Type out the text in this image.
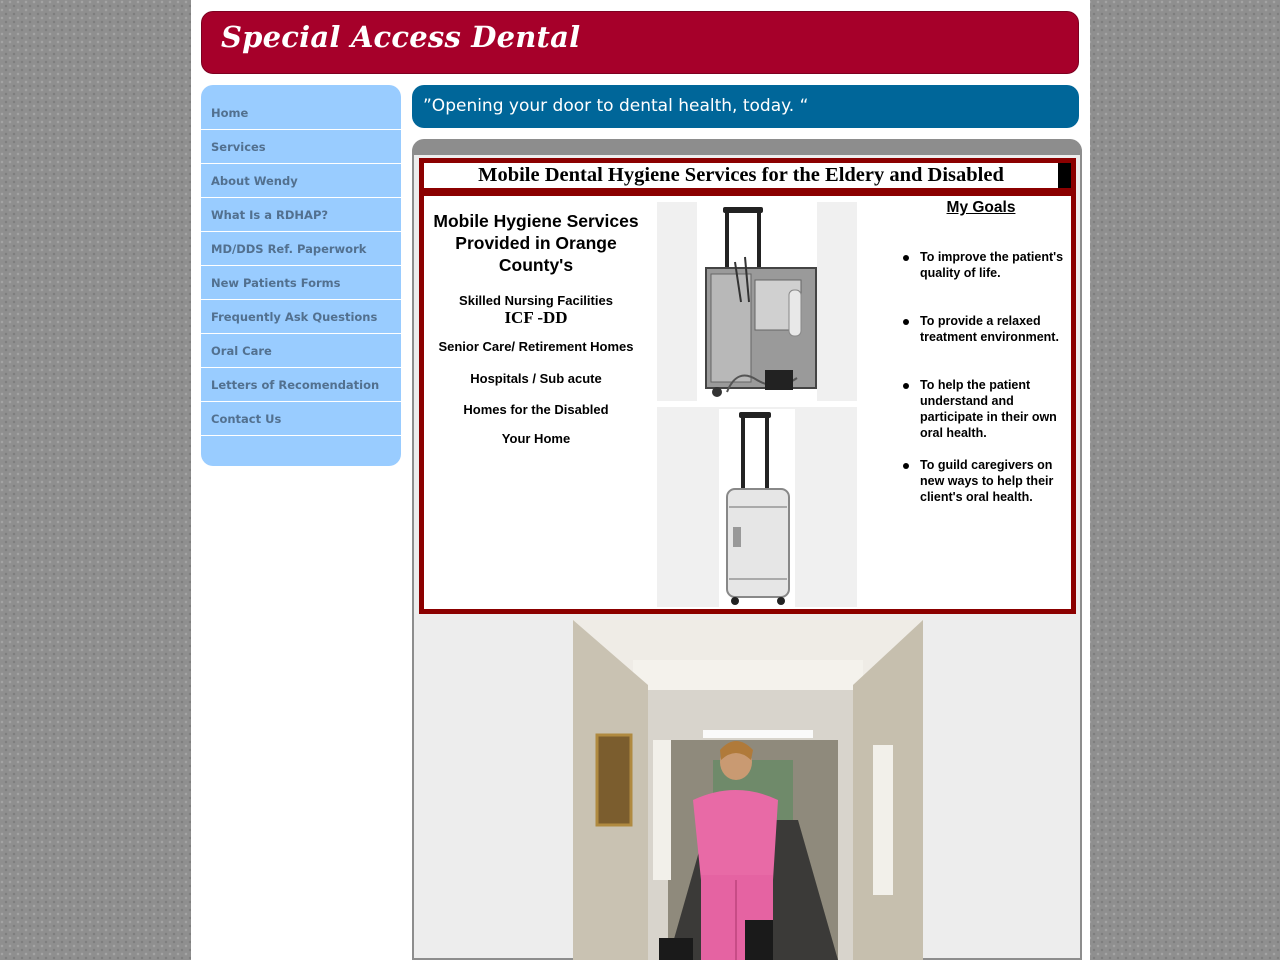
Special Access Dental
Home
Services
About Wendy
What Is a RDHAP?
MD/DDS Ref. Paperwork
New Patients Forms
Frequently Ask Questions
Oral Care
Letters of Recomendation
Contact Us
”Opening your door to dental health, today. “
Mobile Dental Hygiene Services for the Eldery and Disabled
Mobile Hygiene Services Provided in Orange County's
Skilled Nursing Facilities
ICF -DD
Senior Care/ Retirement Homes
Hospitals / Sub acute
Homes for the Disabled
Your Home
My Goals
To improve the patient's quality of life.
To provide a relaxed treatment environment.
To help the patient understand and participate in their own oral health.
To guild caregivers on new ways to help their client's oral health.
